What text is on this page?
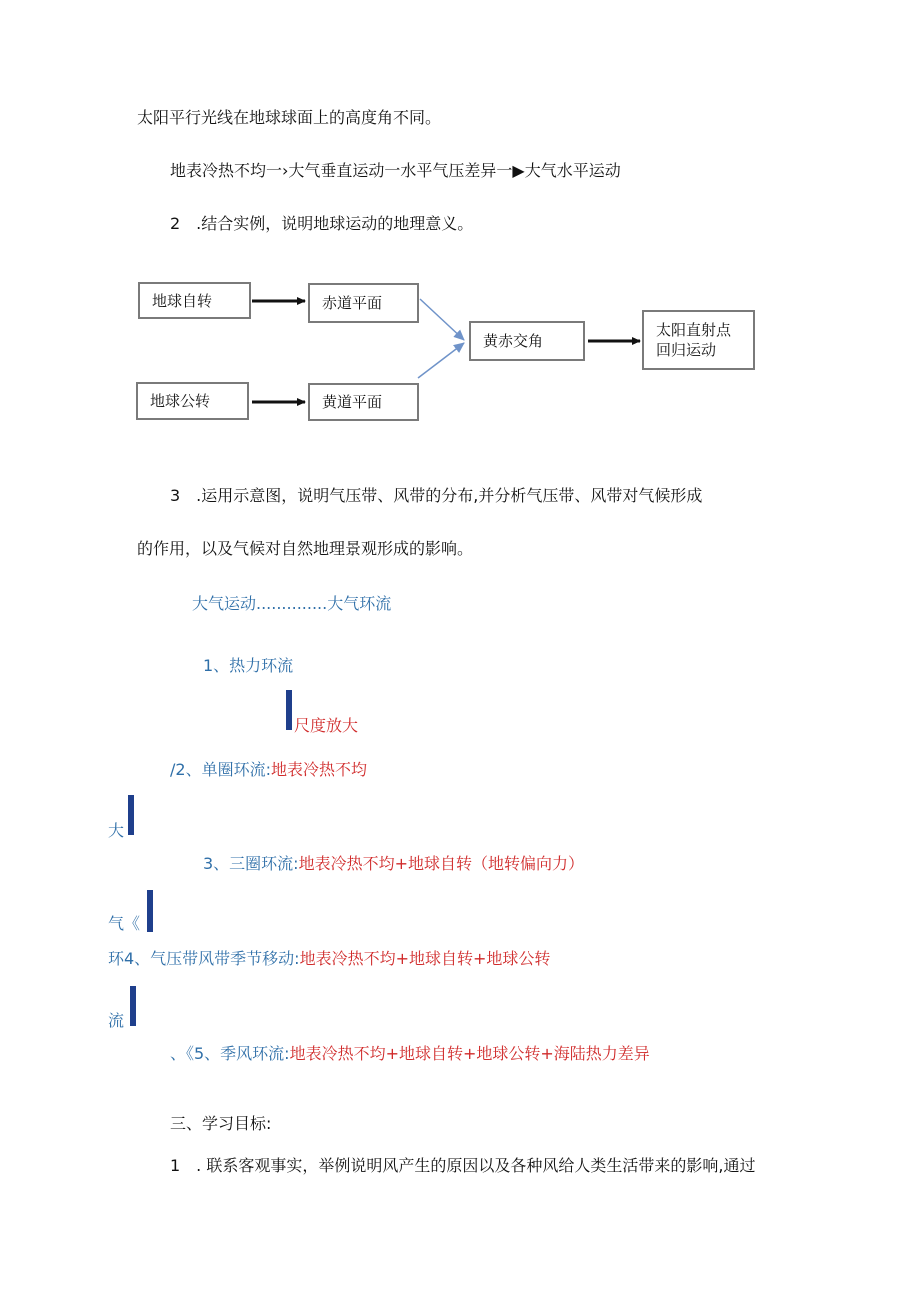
太阳平行光线在地球球面上的高度角不同。
地表冷热不均一›大气垂直运动一水平气压差异一▶大气水平运动
2　.结合实例，说明地球运动的地理意义。
地球自转	赤道平面
地球公转	黄道平面
黄赤交角
太阳直射点
回归运动
3　.运用示意图，说明气压带、风带的分布,并分析气压带、风带对气候形成
的作用，以及气候对自然地理景观形成的影响。
大气运动..............大气环流
1、热力环流
尺度放大
/2、单圈环流:地表冷热不均
大
3、三圈环流:地表冷热不均+地球自转（地转偏向力）
气《
环4、气压带风带季节移动:地表冷热不均+地球自转+地球公转
流
、《5、季风环流:地表冷热不均+地球自转+地球公转+海陆热力差异
三、学习目标:
1　. 联系客观事实，举例说明风产生的原因以及各种风给人类生活带来的影响,通过
